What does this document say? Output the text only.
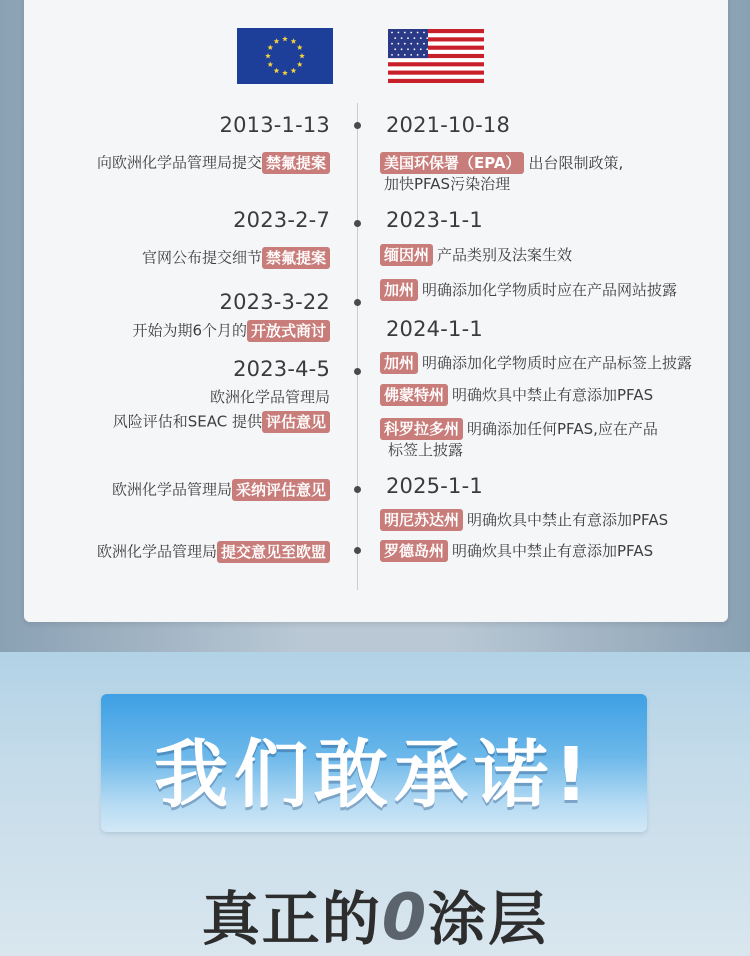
2013-1-13
向欧洲化学品管理局提交 禁氟提案
2023-2-7
官网公布提交细节 禁氟提案
2023-3-22
开始为期6个月的 开放式商讨
2023-4-5
欧洲化学品管理局
风险评估和SEAC 提供 评估意见
欧洲化学品管理局 采纳评估意见
欧洲化学品管理局 提交意见至欧盟
2021-10-18
美国环保署（EPA） 出台限制政策,
加快PFAS污染治理
2023-1-1
缅因州 产品类别及法案生效
加州 明确添加化学物质时应在产品网站披露
2024-1-1
加州 明确添加化学物质时应在产品标签上披露
佛蒙特州 明确炊具中禁止有意添加PFAS
科罗拉多州 明确添加任何PFAS,应在产品
标签上披露
2025-1-1
明尼苏达州 明确炊具中禁止有意添加PFAS
罗德岛州 明确炊具中禁止有意添加PFAS
我们敢承诺!
真正的0涂层
